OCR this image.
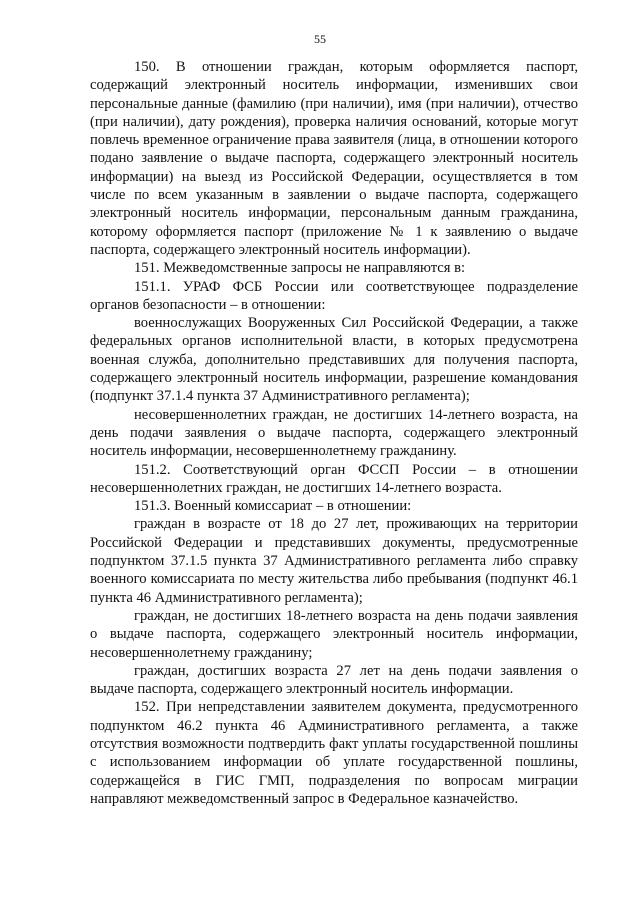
55

150. В отношении граждан, которым оформляется паспорт, содержащий электронный носитель информации, изменивших свои персональные данные (фамилию (при наличии), имя (при наличии), отчество (при наличии), дату рождения), проверка наличия оснований, которые могут повлечь временное ограничение права заявителя (лица, в отношении которого подано заявление о выдаче паспорта, содержащего электронный носитель информации) на выезд из Российской Федерации, осуществляется в том числе по всем указанным в заявлении о выдаче паспорта, содержащего электронный носитель информации, персональным данным гражданина, которому оформляется паспорт (приложение № 1 к заявлению о выдаче паспорта, содержащего электронный носитель информации).

151. Межведомственные запросы не направляются в:

151.1. УРАФ ФСБ России или соответствующее подразделение органов безопасности – в отношении:

военнослужащих Вооруженных Сил Российской Федерации, а также федеральных органов исполнительной власти, в которых предусмотрена военная служба, дополнительно представивших для получения паспорта, содержащего электронный носитель информации, разрешение командования (подпункт 37.1.4 пункта 37 Административного регламента);

несовершеннолетних граждан, не достигших 14-летнего возраста, на день подачи заявления о выдаче паспорта, содержащего электронный носитель информации, несовершеннолетнему гражданину.

151.2. Соответствующий орган ФССП России – в отношении несовершеннолетних граждан, не достигших 14-летнего возраста.

151.3. Военный комиссариат – в отношении:

граждан в возрасте от 18 до 27 лет, проживающих на территории Российской Федерации и представивших документы, предусмотренные подпунктом 37.1.5 пункта 37 Административного регламента либо справку военного комиссариата по месту жительства либо пребывания (подпункт 46.1 пункта 46 Административного регламента);

граждан, не достигших 18-летнего возраста на день подачи заявления о выдаче паспорта, содержащего электронный носитель информации, несовершеннолетнему гражданину;

граждан, достигших возраста 27 лет на день подачи заявления о выдаче паспорта, содержащего электронный носитель информации.

152. При непредставлении заявителем документа, предусмотренного подпунктом 46.2 пункта 46 Административного регламента, а также отсутствия возможности подтвердить факт уплаты государственной пошлины с использованием информации об уплате государственной пошлины, содержащейся в ГИС ГМП, подразделения по вопросам миграции направляют межведомственный запрос в Федеральное казначейство.
